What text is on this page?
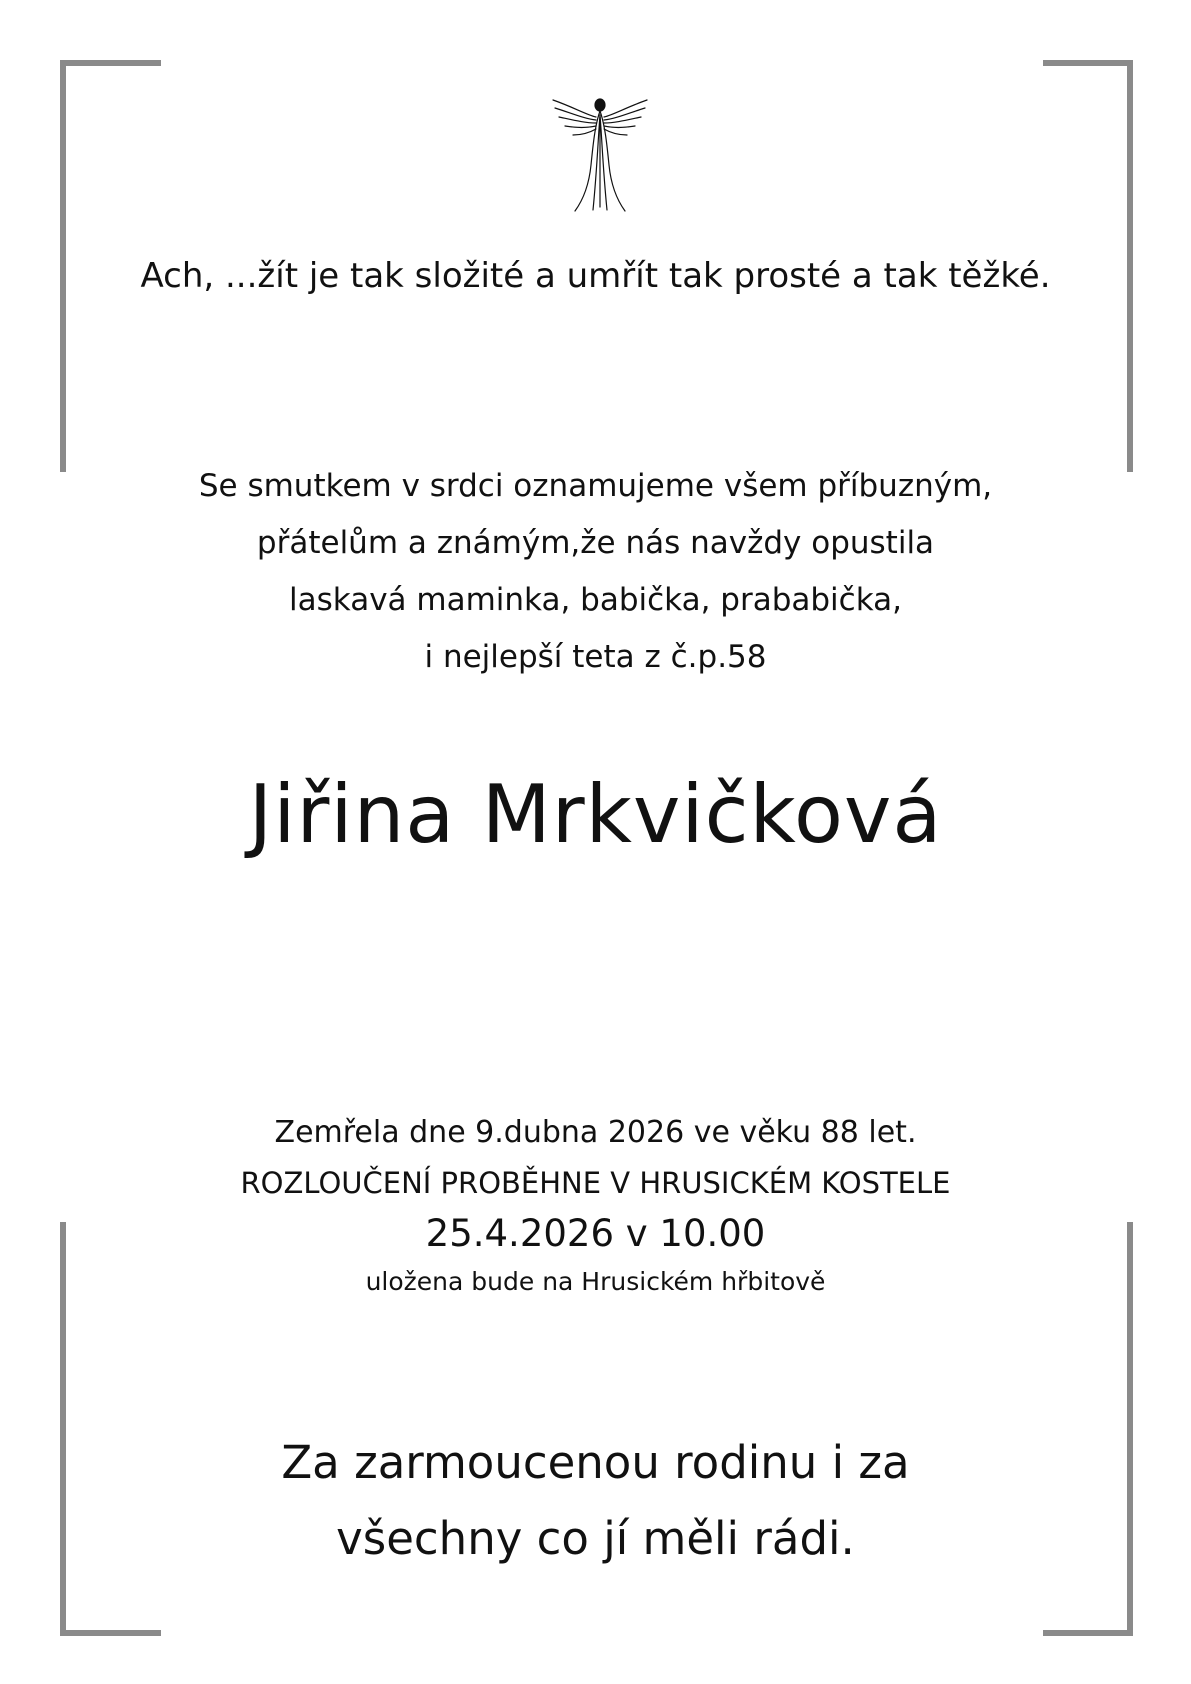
Ach, ...žít je tak složité a umřít tak prosté a tak těžké.
Se smutkem v srdci oznamujeme všem příbuzným,
přátelům a známým,že nás navždy opustila
laskavá maminka, babička, prababička,
i nejlepší teta z č.p.58
Jiřina Mrkvičková
Zemřela dne 9.dubna 2026 ve věku 88 let.
ROZLOUČENÍ PROBĚHNE V HRUSICKÉM KOSTELE
25.4.2026 v 10.00
uložena bude na Hrusickém hřbitově
Za zarmoucenou rodinu i za
všechny co jí měli rádi.
